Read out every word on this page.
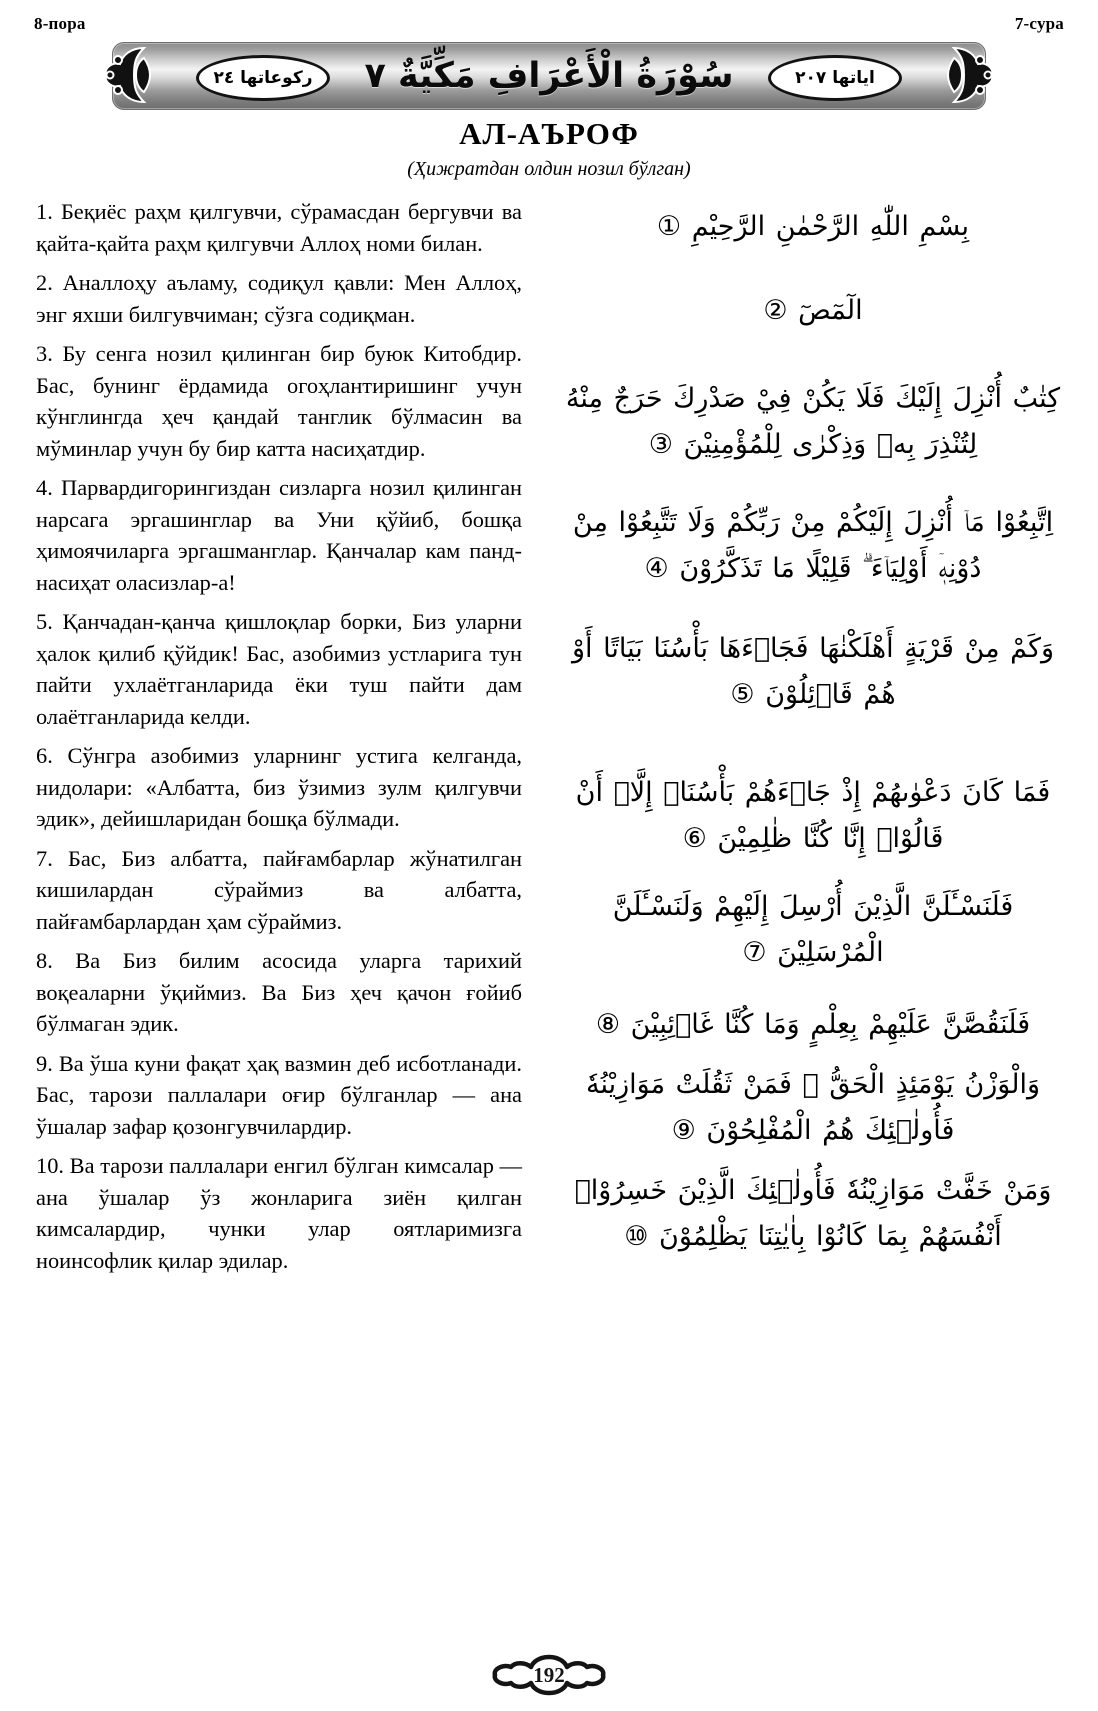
8-пора	7-сура
رکوعاتها ٢٤	سُوْرَةُ الْأَعْرَافِ مَكِّيَّةٌ ٧	اياتها ٢٠٧
АЛ-АЪРОФ
(Ҳижратдан олдин нозил бўлган)

1. Беқиёс раҳм қилгувчи, сўрамасдан бергувчи ва қайта-қайта раҳм қилгувчи Аллоҳ номи билан.

2. Аналлоҳу аъламу, содиқул қавли: Мен Аллоҳ, энг яхши билгувчиман; сўзга содиқман.

3. Бу сенга нозил қилинган бир буюк Китобдир. Бас, бунинг ёрдамида огоҳлантиришинг учун кўнглингда ҳеч қандай танглик бўлмасин ва мўминлар учун бу бир катта насиҳатдир.

4. Парвардигорингиздан сизларга нозил қилинган нарсага эргашинглар ва Уни қўйиб, бошқа ҳимоячиларга эргашманглар. Қанчалар кам панд-насиҳат оласизлар-а!

5. Қанчадан-қанча қишлоқлар борки, Биз уларни ҳалок қилиб қўйдик! Бас, азобимиз устларига тун пайти ухлаётганларида ёки туш пайти дам олаётганларида келди.

6. Сўнгра азобимиз уларнинг устига келганда, нидолари: «Албатта, биз ўзимиз зулм қилгувчи эдик», дейишларидан бошқа бўлмади.

7. Бас, Биз албатта, пайғамбарлар жўнатилган кишилардан сўраймиз ва албатта, пайғамбарлардан ҳам сўраймиз.

8. Ва Биз билим асосида уларга тарихий воқеаларни ўқиймиз. Ва Биз ҳеч қачон ғойиб бўлмаган эдик.

9. Ва ўша куни фақат ҳақ вазмин деб исботланади. Бас, тарози паллалари оғир бўлганлар — ана ўшалар зафар қозонгувчилардир.

10. Ва тарози паллалари енгил бўлган кимсалар — ана ўшалар ўз жонларига зиён қилган кимсалардир, чунки улар оятларимизга ноинсофлик қилар эдилар.

بِسْمِ اللّٰهِ الرَّحْمٰنِ الرَّحِيْمِ ①

الٓمٓصٓ ②

كِتٰبٌ أُنْزِلَ إِلَيْكَ فَلَا يَكُنْ فِيْ صَدْرِكَ حَرَجٌ مِنْهُ لِتُنْذِرَ بِهٖ وَذِكْرٰى لِلْمُؤْمِنِيْنَ ③

اِتَّبِعُوْا مَاۤ أُنْزِلَ إِلَيْكُمْ مِنْ رَبِّكُمْ وَلَا تَتَّبِعُوْا مِنْ دُوْنِهٖۤ أَوْلِيَاۤءَ ۗ قَلِيْلًا مَا تَذَكَّرُوْنَ ④

وَكَمْ مِنْ قَرْيَةٍ أَهْلَكْنٰهَا فَجَاۤءَهَا بَأْسُنَا بَيَاتًا أَوْ هُمْ قَاۤئِلُوْنَ ⑤

فَمَا كَانَ دَعْوٰىهُمْ إِذْ جَاۤءَهُمْ بَأْسُنَاۤ إِلَّاۤ أَنْ قَالُوْاۤ إِنَّا كُنَّا ظٰلِمِيْنَ ⑥

فَلَنَسْـَٔلَنَّ الَّذِيْنَ أُرْسِلَ إِلَيْهِمْ وَلَنَسْـَٔلَنَّ الْمُرْسَلِيْنَ ⑦

فَلَنَقُصَّنَّ عَلَيْهِمْ بِعِلْمٍ وَمَا كُنَّا غَاۤئِبِيْنَ ⑧

وَالْوَزْنُ يَوْمَئِذٍ الْحَقُّ ۚ فَمَنْ ثَقُلَتْ مَوَازِيْنُهٗ فَأُولٰۤئِكَ هُمُ الْمُفْلِحُوْنَ ⑨

وَمَنْ خَفَّتْ مَوَازِيْنُهٗ فَأُولٰۤئِكَ الَّذِيْنَ خَسِرُوْاۤ أَنْفُسَهُمْ بِمَا كَانُوْا بِاٰيٰتِنَا يَظْلِمُوْنَ ⑩

192
